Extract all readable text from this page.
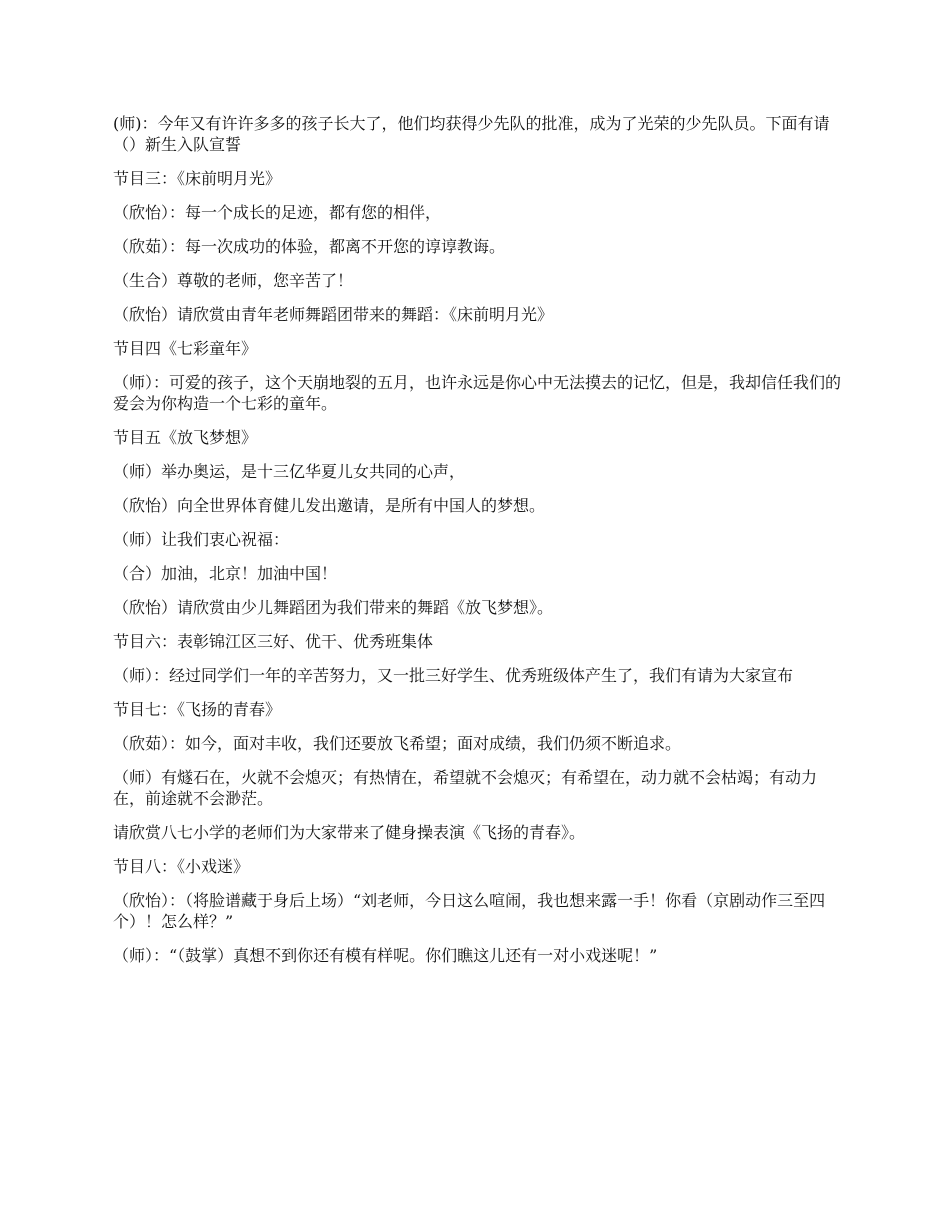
(师)：今年又有许许多多的孩子长大了，他们均获得少先队的批准，成为了光荣的少先队员。下面有请（）新生入队宣誓

节目三：《床前明月光》

（欣怡）：每一个成长的足迹，都有您的相伴，

（欣茹）：每一次成功的体验，都离不开您的谆谆教诲。

（生合）尊敬的老师，您辛苦了！

（欣怡）请欣赏由青年老师舞蹈团带来的舞蹈：《床前明月光》

节目四《七彩童年》

（师）：可爱的孩子，这个天崩地裂的五月，也许永远是你心中无法摸去的记忆，但是，我却信任我们的爱会为你构造一个七彩的童年。

节目五《放飞梦想》

（师）举办奥运，是十三亿华夏儿女共同的心声，

（欣怡）向全世界体育健儿发出邀请，是所有中国人的梦想。

（师）让我们衷心祝福：

（合）加油，北京！加油中国！

（欣怡）请欣赏由少儿舞蹈团为我们带来的舞蹈《放飞梦想》。

节目六：表彰锦江区三好、优干、优秀班集体

（师）：经过同学们一年的辛苦努力，又一批三好学生、优秀班级体产生了，我们有请为大家宣布

节目七：《飞扬的青春》

（欣茹）：如今，面对丰收，我们还要放飞希望；面对成绩，我们仍须不断追求。

（师）有燧石在，火就不会熄灭；有热情在，希望就不会熄灭；有希望在，动力就不会枯竭；有动力在，前途就不会渺茫。

请欣赏八七小学的老师们为大家带来了健身操表演《飞扬的青春》。

节目八：《小戏迷》

（欣怡）：（将脸谱藏于身后上场）“刘老师，今日这么喧闹，我也想来露一手！你看（京剧动作三至四个）！怎么样？”

（师）：“（鼓掌）真想不到你还有模有样呢。你们瞧这儿还有一对小戏迷呢！”
